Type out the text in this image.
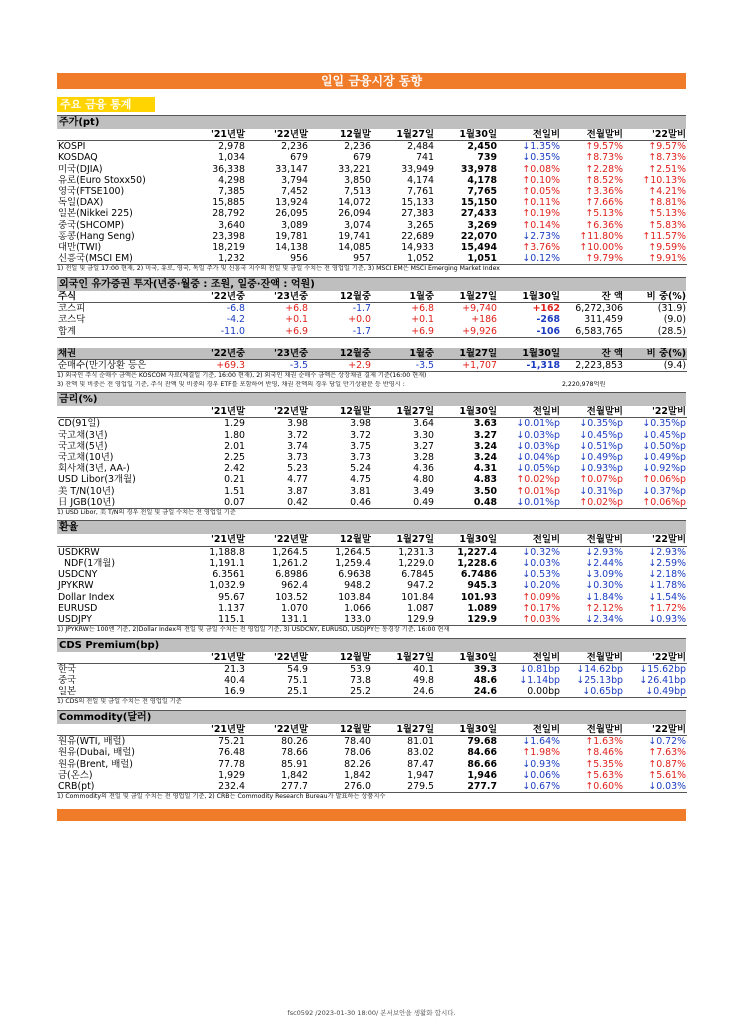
일일 금융시장 동향
주요 금융 통계
주가(pt)
	'21년말	'22년말	12월말	1월27일	1월30일	전일비	전월말비	'22말비
KOSPI	2,978	2,236	2,236	2,484	2,450	↓1.35%	↑9.57%	↑9.57%
KOSDAQ	1,034	679	679	741	739	↓0.35%	↑8.73%	↑8.73%
미국(DJIA)	36,338	33,147	33,221	33,949	33,978	↑0.08%	↑2.28%	↑2.51%
유로(Euro Stoxx50)	4,298	3,794	3,850	4,174	4,178	↑0.10%	↑8.52%	↑10.13%
영국(FTSE100)	7,385	7,452	7,513	7,761	7,765	↑0.05%	↑3.36%	↑4.21%
독일(DAX)	15,885	13,924	14,072	15,133	15,150	↑0.11%	↑7.66%	↑8.81%
일본(Nikkei 225)	28,792	26,095	26,094	27,383	27,433	↑0.19%	↑5.13%	↑5.13%
중국(SHCOMP)	3,640	3,089	3,074	3,265	3,269	↑0.14%	↑6.36%	↑5.83%
홍콩(Hang Seng)	23,398	19,781	19,741	22,689	22,070	↓2.73%	↑11.80%	↑11.57%
대만(TWI)	18,219	14,138	14,085	14,933	15,494	↑3.76%	↑10.00%	↑9.59%
신흥국(MSCI EM)	1,232	956	957	1,052	1,051	↓0.12%	↑9.79%	↑9.91%
1) 전일 및 금일 17:00 현재, 2) 미국, 유로, 영국, 독일 주가 및 신흥국 지수의 전일 및 금일 수치는 전 영업일 기준, 3) MSCI EM은 MSCI Emerging Market Index
외국인 유가증권 투자(년중·월중 : 조원, 일중·잔액 : 억원)
주식	'22년중	'23년중	12월중	1월중	1월27일	1월30일	잔 액	비 중(%)
코스피	-6.8	+6.8	-1.7	+6.8	+9,740	+162	6,272,306	(31.9)
코스닥	-4.2	+0.1	+0.0	+0.1	+186	-268	311,459	(9.0)
합계	-11.0	+6.9	-1.7	+6.9	+9,926	-106	6,583,765	(28.5)
채권	'22년중	'23년중	12월중	1월중	1월27일	1월30일	잔 액	비 중(%)
순매수(만기상환 등은	+69.3	-3.5	+2.9	-3.5	+1,707	-1,318	2,223,853	(9.4)
1) 외국인 주식 순매수 금액은 KOSCOM 자료(체결일 기준, 16:00 현재), 2) 외국인 채권 순매수 금액은 상장채권 결제 기준(16:00 현재)
3) 잔액 및 비중은 전 영업일 기준, 주식 잔액 및 비중의 경우 ETF를 포함하여 반영, 채권 잔액의 경우 당일 만기상환분 등 반영시 :	2,220,978억원
금리(%)
	'21년말	'22년말	12월말	1월27일	1월30일	전일비	전월말비	'22말비
CD(91일)	1.29	3.98	3.98	3.64	3.63	↓0.01%p	↓0.35%p	↓0.35%p
국고채(3년)	1.80	3.72	3.72	3.30	3.27	↓0.03%p	↓0.45%p	↓0.45%p
국고채(5년)	2.01	3.74	3.75	3.27	3.24	↓0.03%p	↓0.51%p	↓0.50%p
국고채(10년)	2.25	3.73	3.73	3.28	3.24	↓0.04%p	↓0.49%p	↓0.49%p
회사채(3년, AA-)	2.42	5.23	5.24	4.36	4.31	↓0.05%p	↓0.93%p	↓0.92%p
USD Libor(3개월)	0.21	4.77	4.75	4.80	4.83	↑0.02%p	↑0.07%p	↑0.06%p
美 T/N(10년)	1.51	3.87	3.81	3.49	3.50	↑0.01%p	↓0.31%p	↓0.37%p
日 JGB(10년)	0.07	0.42	0.46	0.49	0.48	↓0.01%p	↑0.02%p	↑0.06%p
1) USD Libor, 美 T/N의 경우 전일 및 금일 수치는 전 영업일 기준
환율
	'21년말	'22년말	12월말	1월27일	1월30일	전일비	전월말비	'22말비
USDKRW	1,188.8	1,264.5	1,264.5	1,231.3	1,227.4	↓0.32%	↓2.93%	↓2.93%
NDF(1개월)	1,191.1	1,261.2	1,259.4	1,229.0	1,228.6	↓0.03%	↓2.44%	↓2.59%
USDCNY	6.3561	6.8986	6.9638	6.7845	6.7486	↓0.53%	↓3.09%	↓2.18%
JPYKRW	1,032.9	962.4	948.2	947.2	945.3	↓0.20%	↓0.30%	↓1.78%
Dollar Index	95.67	103.52	103.84	101.84	101.93	↑0.09%	↓1.84%	↓1.54%
EURUSD	1.137	1.070	1.066	1.087	1.089	↑0.17%	↑2.12%	↑1.72%
USDJPY	115.1	131.1	133.0	129.9	129.9	↑0.03%	↓2.34%	↓0.93%
1) JPYKRW는 100엔 기준, 2)Dollar Index의 전일 및 금일 수치는 전 영업일 기준, 3) USDCNY, EURUSD, USDJPY는 동경장 기준, 16:00 현재
CDS Premium(bp)
	'21년말	'22년말	12월말	1월27일	1월30일	전일비	전월말비	'22말비
한국	21.3	54.9	53.9	40.1	39.3	↓0.81bp	↓14.62bp	↓15.62bp
중국	40.4	75.1	73.8	49.8	48.6	↓1.14bp	↓25.13bp	↓26.41bp
일본	16.9	25.1	25.2	24.6	24.6	0.00bp	↓0.65bp	↓0.49bp
1) CDS의 전일 및 금일 수치는 전 영업일 기준
Commodity(달러)
	'21년말	'22년말	12월말	1월27일	1월30일	전일비	전월말비	'22말비
원유(WTI, 배럴)	75.21	80.26	78.40	81.01	79.68	↓1.64%	↑1.63%	↓0.72%
원유(Dubai, 배럴)	76.48	78.66	78.06	83.02	84.66	↑1.98%	↑8.46%	↑7.63%
원유(Brent, 배럴)	77.78	85.91	82.26	87.47	86.66	↓0.93%	↑5.35%	↑0.87%
금(온스)	1,929	1,842	1,842	1,947	1,946	↓0.06%	↑5.63%	↑5.61%
CRB(pt)	232.4	277.7	276.0	279.5	277.7	↓0.67%	↑0.60%	↓0.03%
1) Commodity의 전일 및 금일 수치는 전 영업일 기준, 2) CRB는 Commodity Research Bureau가 발표하는 상품지수
fsc0592 /2023-01-30 18:00/ 본서보안을 생활화 합시다.
